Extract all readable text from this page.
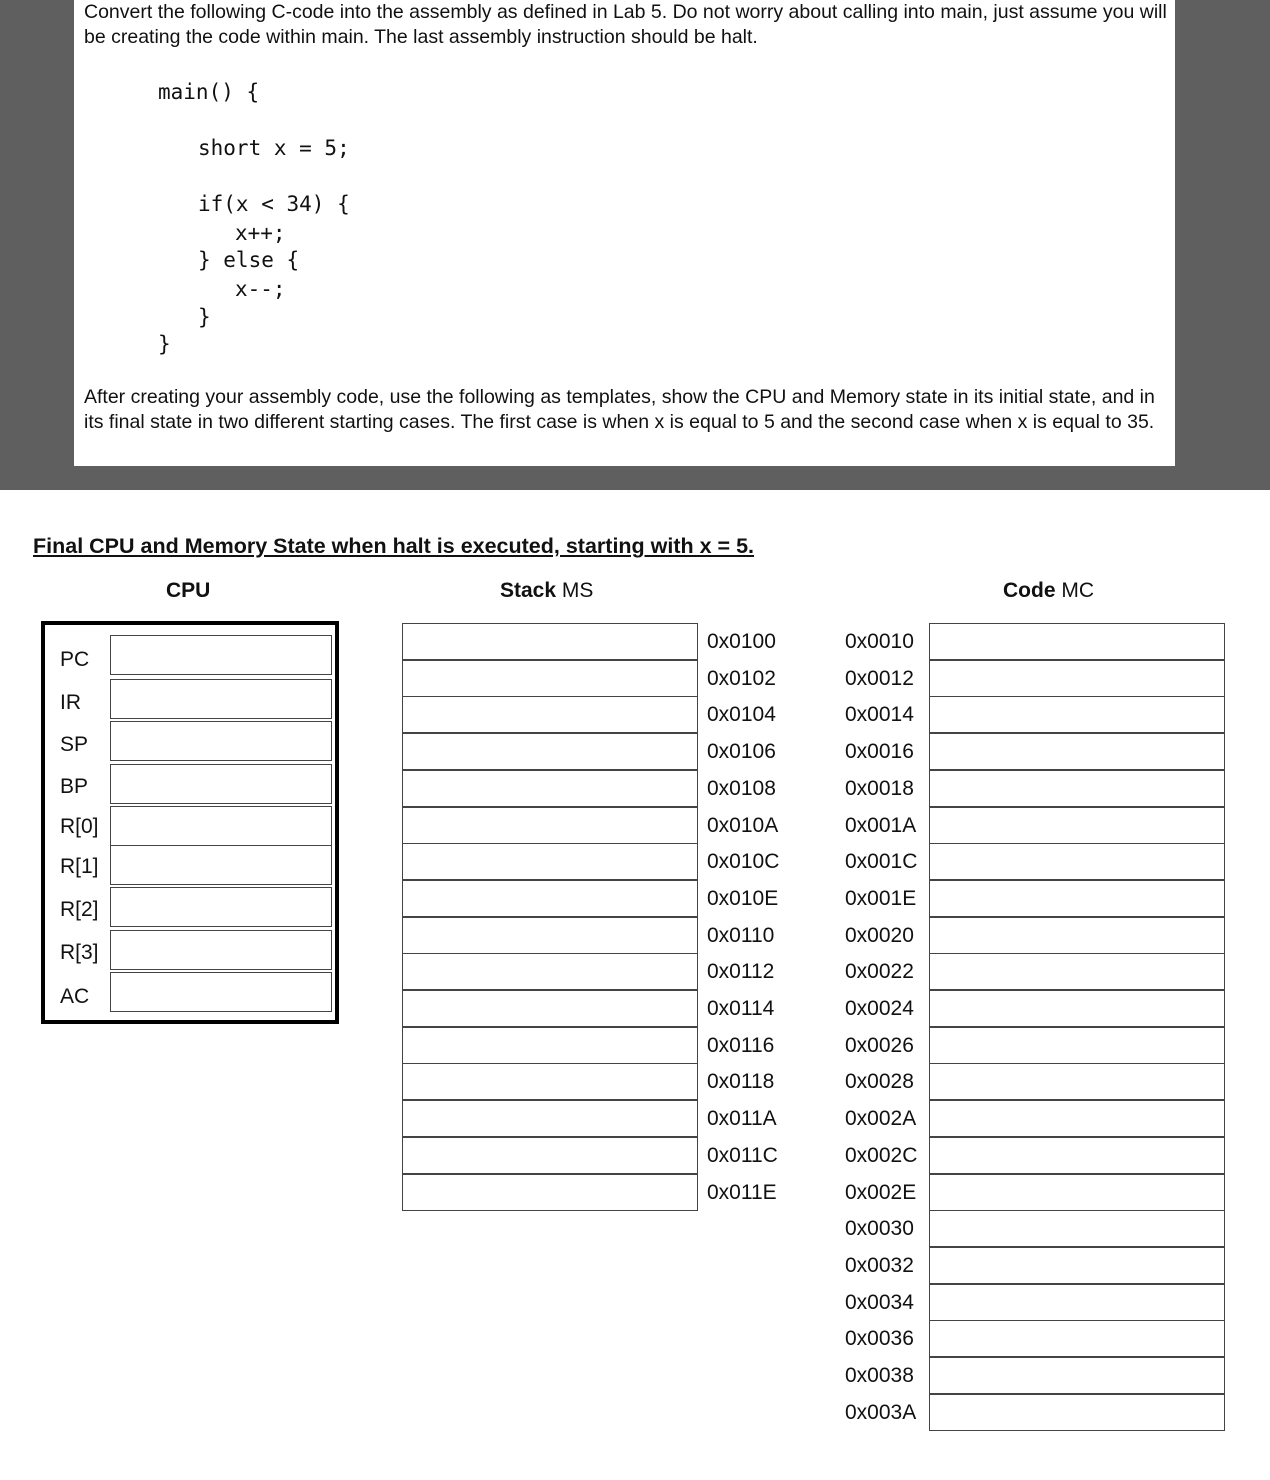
Convert the following C-code into the assembly as defined in Lab 5. Do not worry about calling into main, just assume you will be creating the code within main. The last assembly instruction should be halt.

main() {
short x = 5;
if(x < 34) {
x++;
} else {
x--;
}
}

After creating your assembly code, use the following as templates, show the CPU and Memory state in its initial state, and in its final state in two different starting cases. The first case is when x is equal to 5 and the second case when x is equal to 35.

Final CPU and Memory State when halt is executed, starting with x = 5.
CPU	Stack MS	Code MC
PC
IR
SP
BP
R[0]
R[1]
R[2]
R[3]
AC
0x0100
0x0102
0x0104
0x0106
0x0108
0x010A
0x010C
0x010E
0x0110
0x0112
0x0114
0x0116
0x0118
0x011A
0x011C
0x011E
0x0010
0x0012
0x0014
0x0016
0x0018
0x001A
0x001C
0x001E
0x0020
0x0022
0x0024
0x0026
0x0028
0x002A
0x002C
0x002E
0x0030
0x0032
0x0034
0x0036
0x0038
0x003A
